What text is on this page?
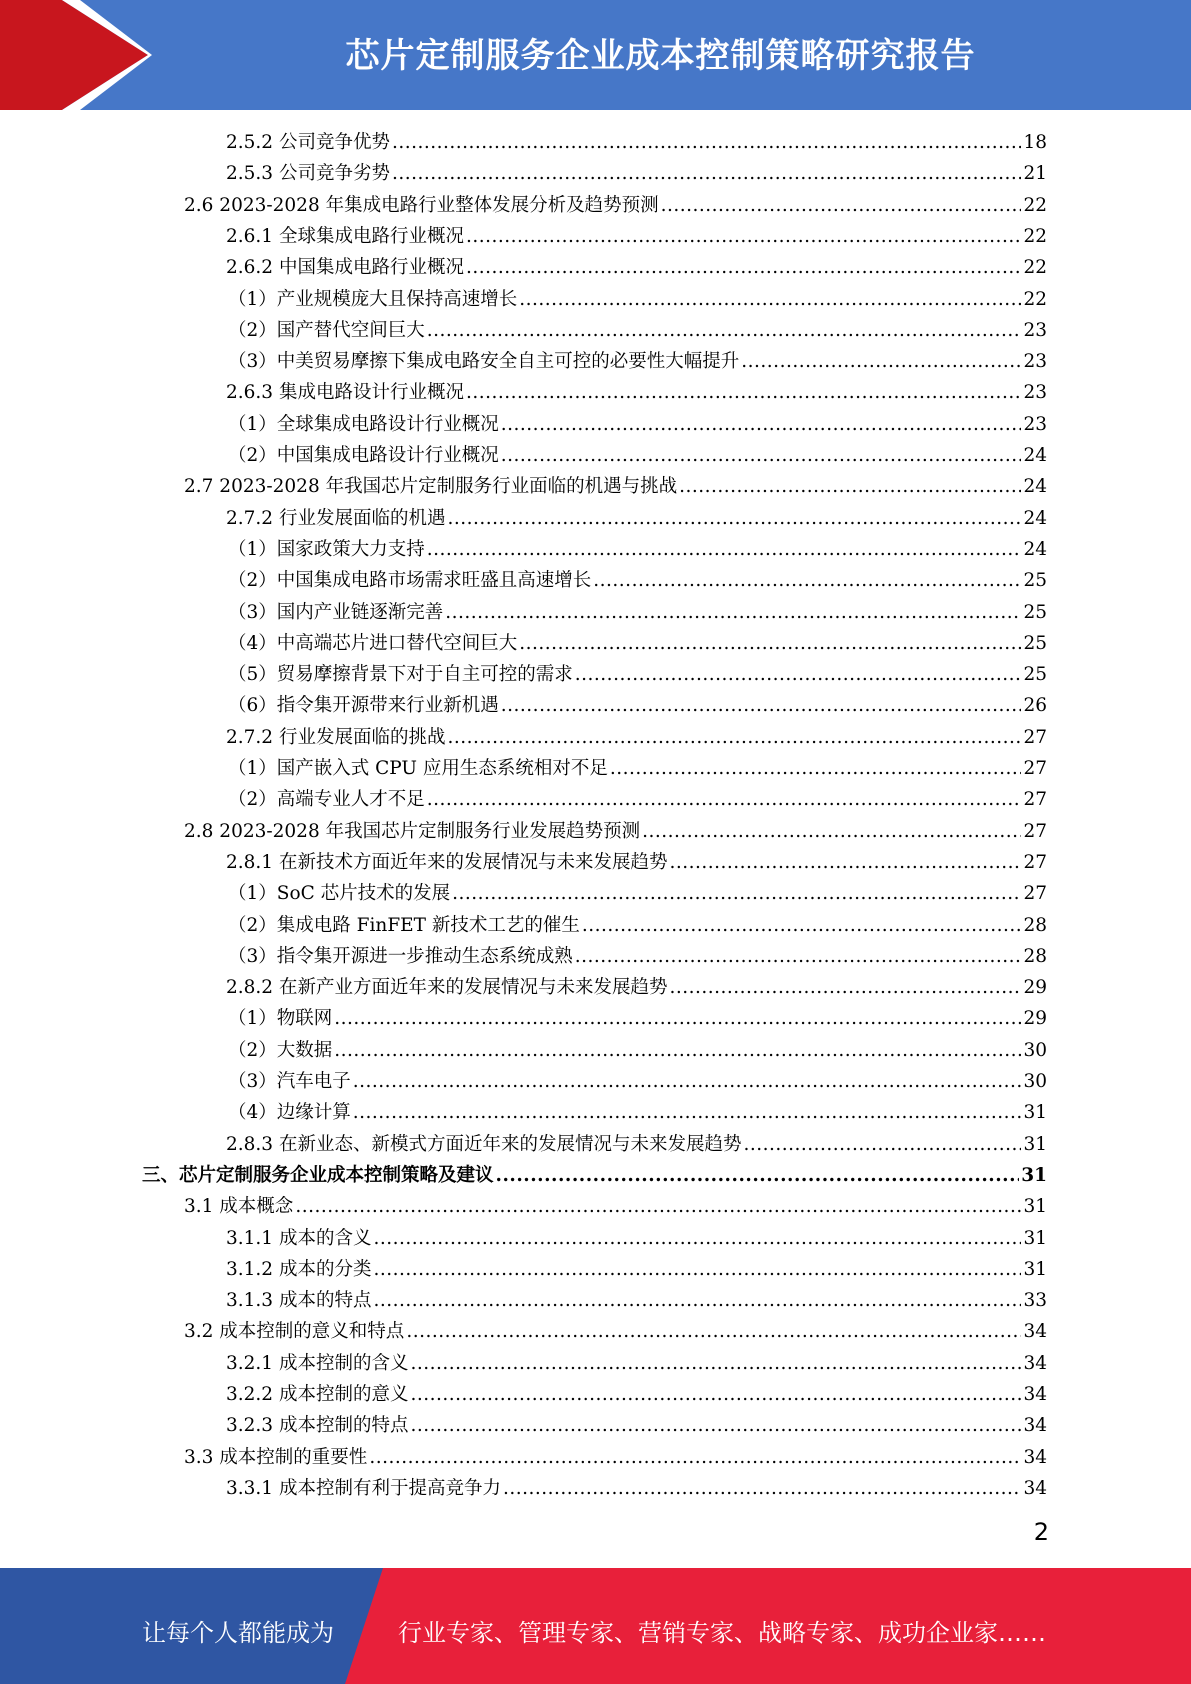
芯片定制服务企业成本控制策略研究报告
2.5.2 公司竞争优势 .....	18
2.5.3 公司竞争劣势 .....	21
2.6 2023-2028 年集成电路行业整体发展分析及趋势预测 .....	22
2.6.1 全球集成电路行业概况 .....	22
2.6.2 中国集成电路行业概况 .....	22
（1）产业规模庞大且保持高速增长 .....	22
（2）国产替代空间巨大 .....	23
（3）中美贸易摩擦下集成电路安全自主可控的必要性大幅提升 .....	23
2.6.3 集成电路设计行业概况 .....	23
（1）全球集成电路设计行业概况 .....	23
（2）中国集成电路设计行业概况 .....	24
2.7 2023-2028 年我国芯片定制服务行业面临的机遇与挑战 .....	24
2.7.2 行业发展面临的机遇 .....	24
（1）国家政策大力支持 .....	24
（2）中国集成电路市场需求旺盛且高速增长 .....	25
（3）国内产业链逐渐完善 .....	25
（4）中高端芯片进口替代空间巨大 .....	25
（5）贸易摩擦背景下对于自主可控的需求 .....	25
（6）指令集开源带来行业新机遇 .....	26
2.7.2 行业发展面临的挑战 .....	27
（1）国产嵌入式 CPU 应用生态系统相对不足 .....	27
（2）高端专业人才不足 .....	27
2.8 2023-2028 年我国芯片定制服务行业发展趋势预测 .....	27
2.8.1 在新技术方面近年来的发展情况与未来发展趋势 .....	27
（1）SoC 芯片技术的发展 .....	27
（2）集成电路 FinFET 新技术工艺的催生 .....	28
（3）指令集开源进一步推动生态系统成熟 .....	28
2.8.2 在新产业方面近年来的发展情况与未来发展趋势 .....	29
（1）物联网 .....	29
（2）大数据 .....	30
（3）汽车电子 .....	30
（4）边缘计算 .....	31
2.8.3 在新业态、新模式方面近年来的发展情况与未来发展趋势 .....	31
三、芯片定制服务企业成本控制策略及建议 .....	31
3.1 成本概念 .....	31
3.1.1 成本的含义 .....	31
3.1.2 成本的分类 .....	31
3.1.3 成本的特点 .....	33
3.2 成本控制的意义和特点 .....	34
3.2.1 成本控制的含义 .....	34
3.2.2 成本控制的意义 .....	34
3.2.3 成本控制的特点 .....	34
3.3 成本控制的重要性 .....	34
3.3.1 成本控制有利于提高竞争力 .....	34
2
让每个人都能成为	行业专家、管理专家、营销专家、战略专家、成功企业家……
